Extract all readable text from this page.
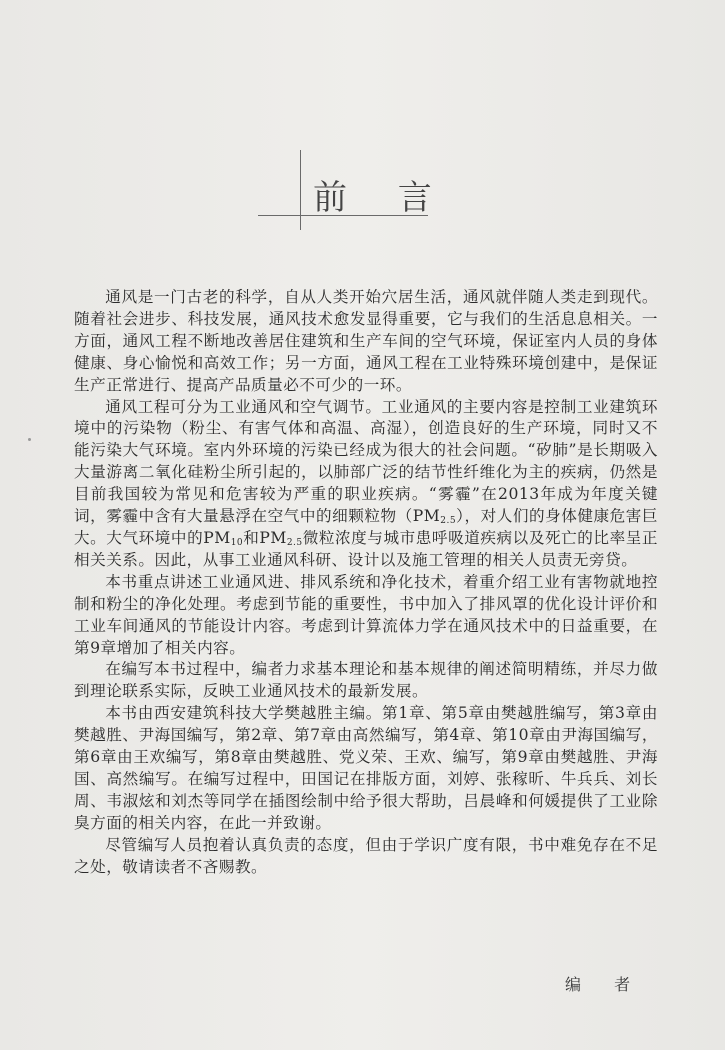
前 言

通风是一门古老的科学，自从人类开始穴居生活，通风就伴随人类走到现代。随着社会进步、科技发展，通风技术愈发显得重要，它与我们的生活息息相关。一方面，通风工程不断地改善居住建筑和生产车间的空气环境，保证室内人员的身体健康、身心愉悦和高效工作；另一方面，通风工程在工业特殊环境创建中，是保证生产正常进行、提高产品质量必不可少的一环。

通风工程可分为工业通风和空气调节。工业通风的主要内容是控制工业建筑环境中的污染物（粉尘、有害气体和高温、高湿），创造良好的生产环境，同时又不能污染大气环境。室内外环境的污染已经成为很大的社会问题。“矽肺”是长期吸入大量游离二氧化硅粉尘所引起的，以肺部广泛的结节性纤维化为主的疾病，仍然是目前我国较为常见和危害较为严重的职业疾病。“雾霾”在2013年成为年度关键词，雾霾中含有大量悬浮在空气中的细颗粒物$(PM_{2.5})$，对人们的身体健康危害巨大。大气环境中的$PM_{10}$和$PM_{2.5}$微粒浓度与城市患呼吸道疾病以及死亡的比率呈正相关关系。因此，从事工业通风科研、设计以及施工管理的相关人员责无旁贷。

本书重点讲述工业通风进、排风系统和净化技术，着重介绍工业有害物就地控制和粉尘的净化处理。考虑到节能的重要性，书中加入了排风罩的优化设计评价和工业车间通风的节能设计内容。考虑到计算流体力学在通风技术中的日益重要，在第9章增加了相关内容。

在编写本书过程中，编者力求基本理论和基本规律的阐述简明精练，并尽力做到理论联系实际，反映工业通风技术的最新发展。

本书由西安建筑科技大学樊越胜主编。第1章、第5章由樊越胜编写，第3章由樊越胜、尹海国编写，第2章、第7章由高然编写，第4章、第10章由尹海国编写，第6章由王欢编写，第8章由樊越胜、党义荣、王欢、编写，第9章由樊越胜、尹海国、高然编写。在编写过程中，田国记在排版方面，刘婷、张稼昕、牛兵兵、刘长周、韦淑炫和刘杰等同学在插图绘制中给予很大帮助，吕晨峰和何媛提供了工业除臭方面的相关内容，在此一并致谢。

尽管编写人员抱着认真负责的态度，但由于学识广度有限，书中难免存在不足之处，敬请读者不吝赐教。

编 者
